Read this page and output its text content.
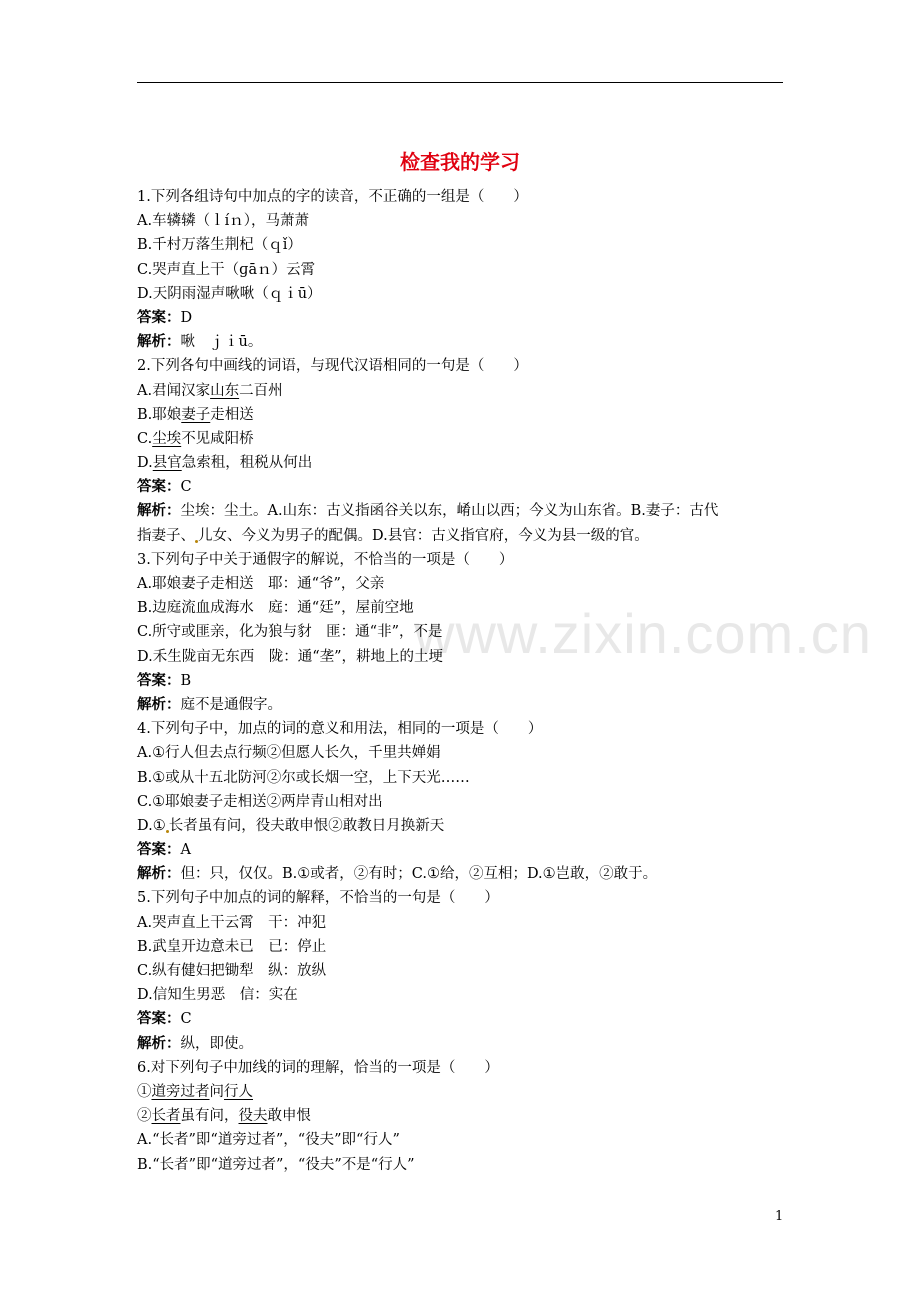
www.zixin.com.cn
检查我的学习
1.下列各组诗句中加点的字的读音，不正确的一组是（　　）
A.车辚辚（ｌíｎ），马萧萧
B.千村万落生荆杞（ｑǐ）
C.哭声直上干（ɡāｎ）云霄
D.天阴雨湿声啾啾（ｑｉū）
答案：D
解析：啾　ｊｉū。
2.下列各句中画线的词语，与现代汉语相同的一句是（　　）
A.君闻汉家山东二百州
B.耶娘妻子走相送
C.尘埃不见咸阳桥
D.县官急索租，租税从何出
答案：C
解析：尘埃：尘土。A.山东：古义指函谷关以东，崤山以西；今义为山东省。B.妻子：古代
指妻子、 儿女、今义为男子的配偶。D.县官：古义指官府，今义为县一级的官。
3.下列句子中关于通假字的解说，不恰当的一项是（　　）
A.耶娘妻子走相送　耶：通“爷”，父亲
B.边庭流血成海水　庭：通“廷”，屋前空地
C.所守或匪亲，化为狼与豺　匪：通“非”，不是
D.禾生陇亩无东西　陇：通“垄”，耕地上的土埂
答案：B
解析：庭不是通假字。
4.下列句子中，加点的词的意义和用法，相同的一项是（　　）
A.①行人但去点行频②但愿人长久，千里共婵娟
B.①或从十五北防河②尔或长烟一空，上下天光……
C.①耶娘妻子走相送②两岸青山相对出
D.① 长者虽有问，役夫敢申恨②敢教日月换新天
答案：A
解析：但：只，仅仅。B.①或者，②有时；C.①给，②互相；D.①岂敢，②敢于。
5.下列句子中加点的词的解释，不恰当的一句是（　　）
A.哭声直上干云霄　干：冲犯
B.武皇开边意未已　已：停止
C.纵有健妇把锄犁　纵：放纵
D.信知生男恶　信：实在
答案：C
解析：纵，即使。
6.对下列句子中加线的词的理解，恰当的一项是（　　）
①道旁过者问行人
②长者虽有问，役夫敢申恨
A.“长者”即“道旁过者”，“役夫”即“行人”
B.“长者”即“道旁过者”，“役夫”不是“行人”
1
